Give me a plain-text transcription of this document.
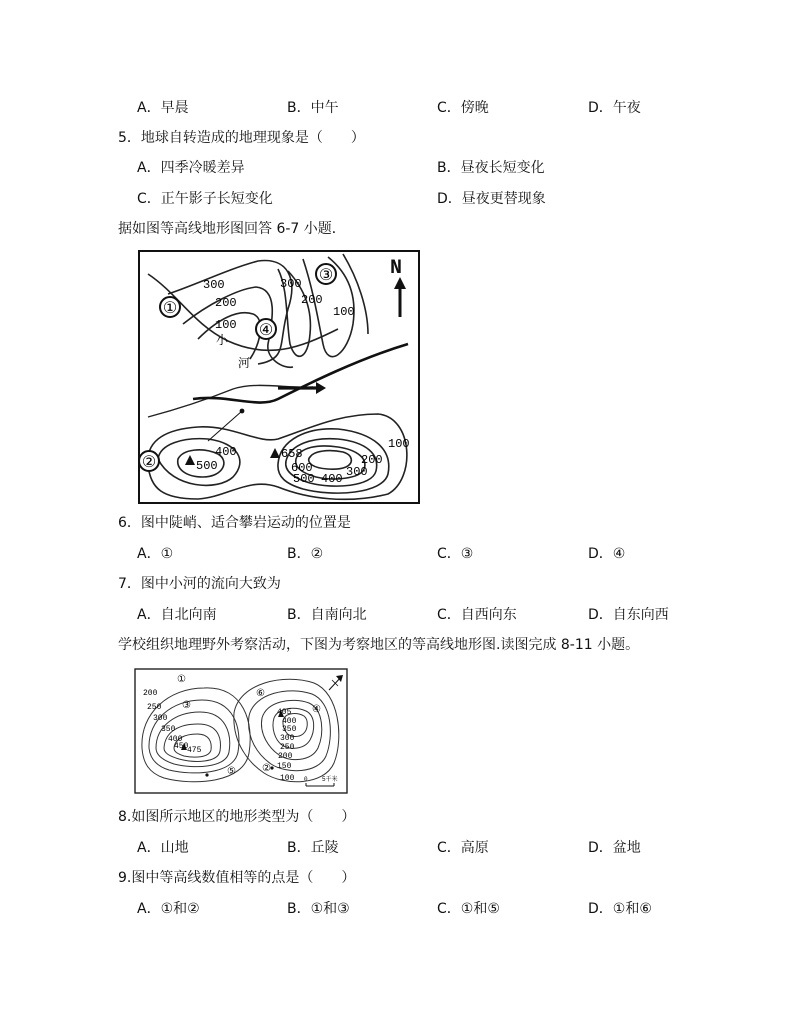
A．早晨	B．中午	C．傍晚	D．午夜
5．地球自转造成的地理现象是（　　）
A．四季冷暖差异	B．昼夜长短变化
C．正午影子长短变化	D．昼夜更替现象
据如图等高线地形图回答 6-7 小题．
N
①
②
③
④
300
200
100
300
200
100
400
500
658
600
500 400 300
200
100
小
河
6．图中陡峭、适合攀岩运动的位置是
A．①	B．②	C．③	D．④
7．图中小河的流向大致为
A．自北向南	B．自南向北	C．自西向东	D．自东向西
学校组织地理野外考察活动，下图为考察地区的等高线地形图.读图完成 8-11 小题。
①
②
③	④
⑤
⑥
200
250
300
350
400
450
475
405
400
350
300
250
200
150
100 0 5千米
8.如图所示地区的地形类型为（　　）
A．山地	B．丘陵	C．高原	D．盆地
9.图中等高线数值相等的点是（　　）
A．①和②	B．①和③	C．①和⑤	D．①和⑥
